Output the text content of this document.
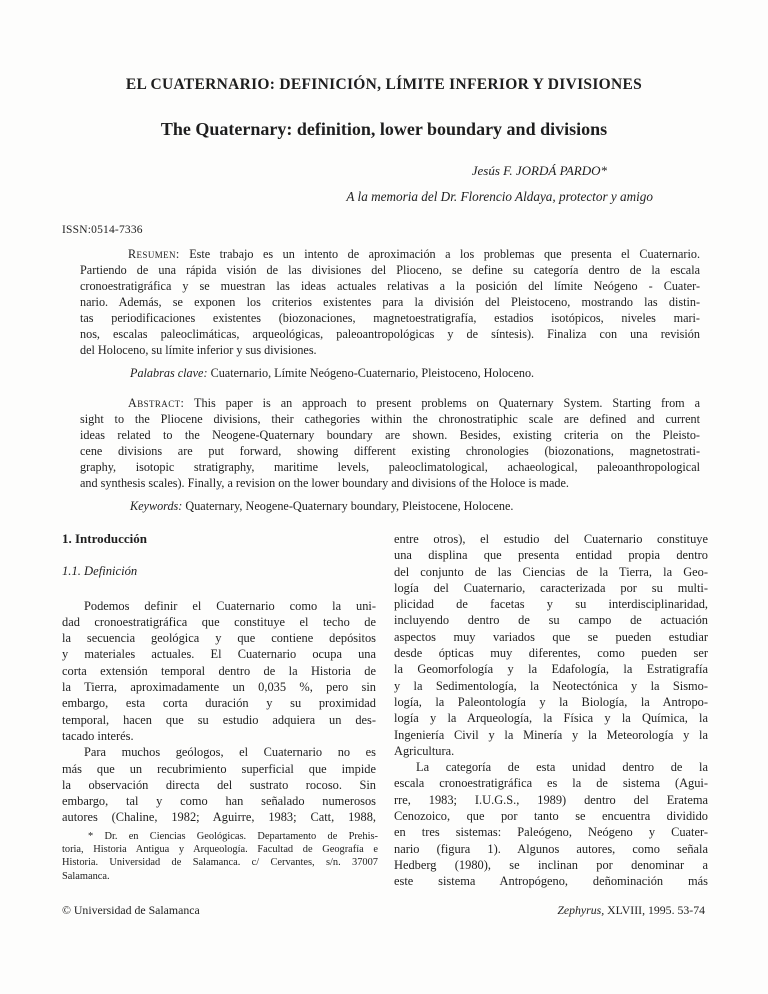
EL CUATERNARIO: DEFINICIÓN, LÍMITE INFERIOR Y DIVISIONES
The Quaternary: definition, lower boundary and divisions
Jesús F. JORDÁ PARDO*
A la memoria del Dr. Florencio Aldaya, protector y amigo
ISSN:0514-7336
Resumen: Este trabajo es un intento de aproximación a los problemas que presenta el Cuaternario.
Partiendo de una rápida visión de las divisiones del Plioceno, se define su categoría dentro de la escala
cronoestratigráfica y se muestran las ideas actuales relativas a la posición del límite Neógeno - Cuater-
nario. Además, se exponen los criterios existentes para la división del Pleistoceno, mostrando las distin-
tas periodificaciones existentes (biozonaciones, magnetoestratigrafía, estadios isotópicos, niveles mari-
nos, escalas paleoclimáticas, arqueológicas, paleoantropológicas y de síntesis). Finaliza con una revisión
del Holoceno, su límite inferior y sus divisiones.
Palabras clave: Cuaternario, Límite Neógeno-Cuaternario, Pleistoceno, Holoceno.
Abstract: This paper is an approach to present problems on Quaternary System. Starting from a
sight to the Pliocene divisions, their cathegories within the chronostratiphic scale are defined and current
ideas related to the Neogene-Quaternary boundary are shown. Besides, existing criteria on the Pleisto-
cene divisions are put forward, showing different existing chronologies (biozonations, magnetostrati-
graphy, isotopic stratigraphy, maritime levels, paleoclimatological, achaeological, paleoanthropological
and synthesis scales). Finally, a revision on the lower boundary and divisions of the Holoce is made.
Keywords: Quaternary, Neogene-Quaternary boundary, Pleistocene, Holocene.
1. Introducción
1.1. Definición
Podemos definir el Cuaternario como la uni-
dad cronoestratigráfica que constituye el techo de
la secuencia geológica y que contiene depósitos
y materiales actuales. El Cuaternario ocupa una
corta extensión temporal dentro de la Historia de
la Tierra, aproximadamente un 0,035 %, pero sin
embargo, esta corta duración y su proximidad
temporal, hacen que su estudio adquiera un des-
tacado interés.
Para muchos geólogos, el Cuaternario no es
más que un recubrimiento superficial que impide
la observación directa del sustrato rocoso. Sin
embargo, tal y como han señalado numerosos
autores (Chaline, 1982; Aguirre, 1983; Catt, 1988,
entre otros), el estudio del Cuaternario constituye
una displina que presenta entidad propia dentro
del conjunto de las Ciencias de la Tierra, la Geo-
logía del Cuaternario, caracterizada por su multi-
plicidad de facetas y su interdisciplinaridad,
incluyendo dentro de su campo de actuación
aspectos muy variados que se pueden estudiar
desde ópticas muy diferentes, como pueden ser
la Geomorfología y la Edafología, la Estratigrafía
y la Sedimentología, la Neotectónica y la Sismo-
logía, la Paleontología y la Biología, la Antropo-
logía y la Arqueología, la Física y la Química, la
Ingeniería Civil y la Minería y la Meteorología y la
Agricultura.
La categoría de esta unidad dentro de la
escala cronoestratigráfica es la de sistema (Agui-
rre, 1983; I.U.G.S., 1989) dentro del Eratema
Cenozoico, que por tanto se encuentra dividido
en tres sistemas: Paleógeno, Neógeno y Cuater-
nario (figura 1). Algunos autores, como señala
Hedberg (1980), se inclinan por denominar a
este sistema Antropógeno, deñominación más
* Dr. en Ciencias Geológicas. Departamento de Prehis-
toria, Historia Antigua y Arqueología. Facultad de Geografía e
Historia. Universidad de Salamanca. c/ Cervantes, s/n. 37007
Salamanca.
© Universidad de Salamanca	Zephyrus, XLVIII, 1995. 53-74
